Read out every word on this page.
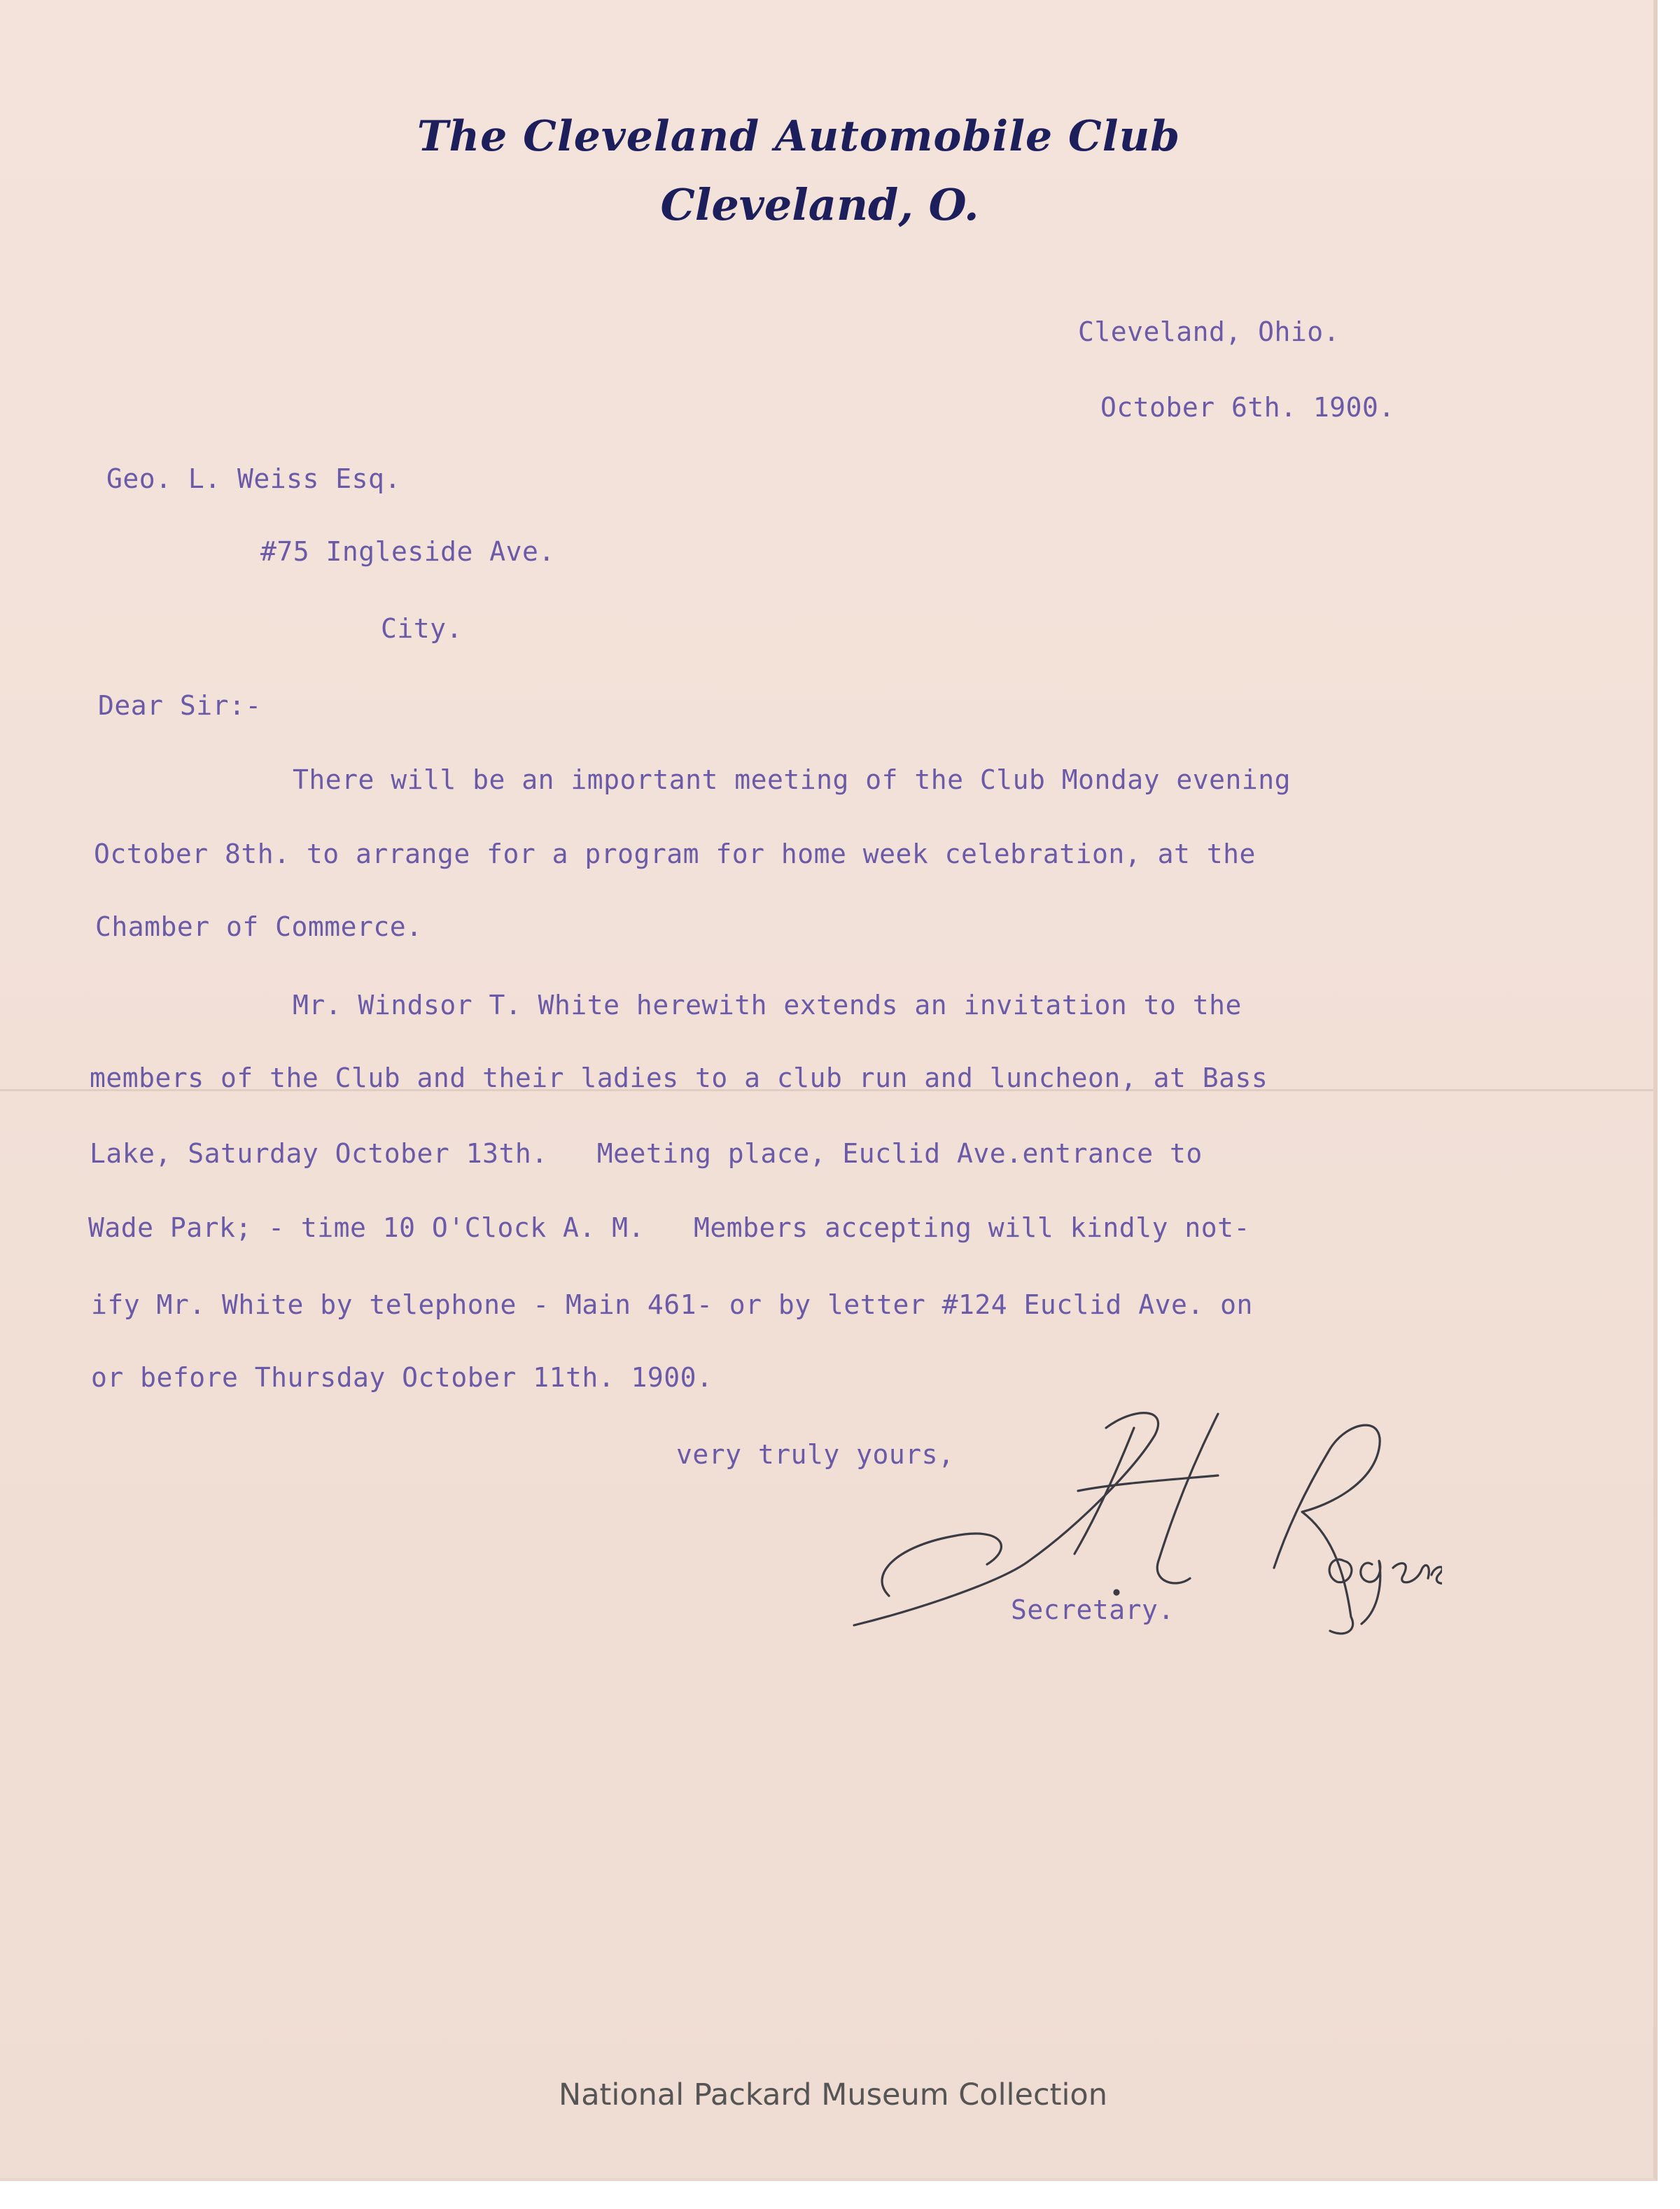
The Cleveland Automobile Club
Cleveland, O.
Cleveland, Ohio.
October 6th. 1900.
Geo. L. Weiss Esq.
#75 Ingleside Ave.
City.
Dear Sir:-
There will be an important meeting of the Club Monday evening
October 8th. to arrange for a program for home week celebration, at the
Chamber of Commerce.
Mr. Windsor T. White herewith extends an invitation to the
members of the Club and their ladies to a club run and luncheon, at Bass
Lake, Saturday October 13th.   Meeting place, Euclid Ave.entrance to
Wade Park; - time 10 O'Clock A. M.   Members accepting will kindly not-
ify Mr. White by telephone - Main 461- or by letter #124 Euclid Ave. on
or before Thursday October 11th. 1900.
very truly yours,
Secretary.
National Packard Museum Collection
